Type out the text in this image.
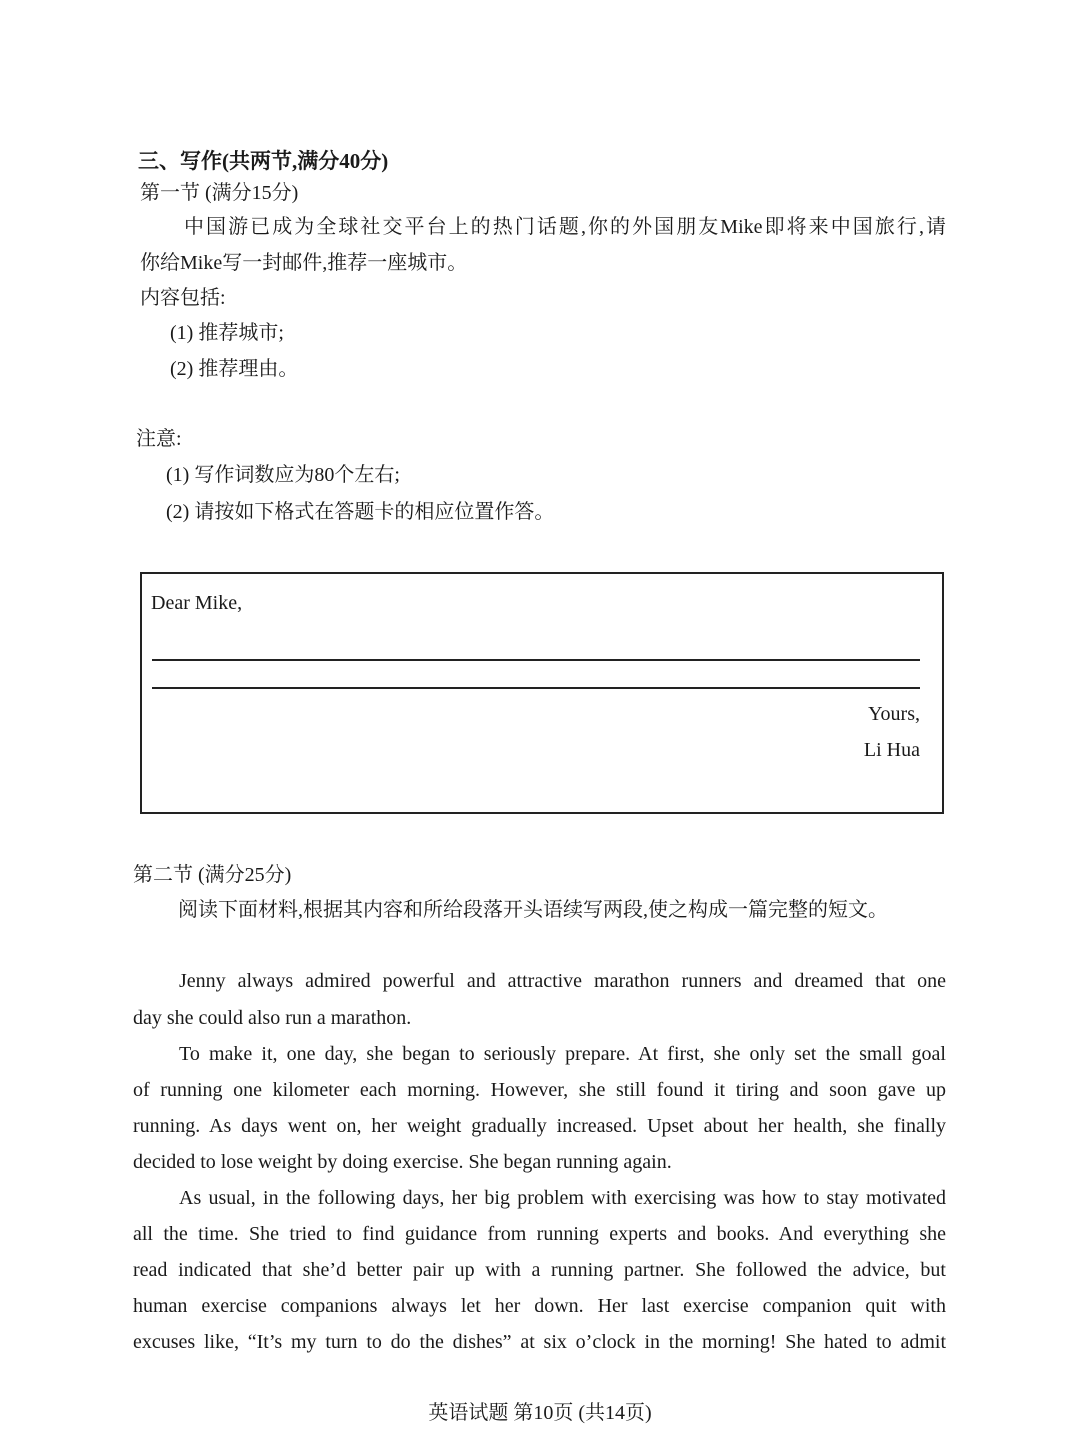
三、写作(共两节,满分40分)
第一节 (满分15分)
中国游已成为全球社交平台上的热门话题,你的外国朋友Mike即将来中国旅行,请
你给Mike写一封邮件,推荐一座城市。
内容包括:
(1) 推荐城市;
(2) 推荐理由。
注意:
(1) 写作词数应为80个左右;
(2) 请按如下格式在答题卡的相应位置作答。
Dear Mike,
Yours,
Li Hua
第二节 (满分25分)
阅读下面材料,根据其内容和所给段落开头语续写两段,使之构成一篇完整的短文。
Jenny always admired powerful and attractive marathon runners and dreamed that one
day she could also run a marathon.
To make it, one day, she began to seriously prepare. At first, she only set the small goal
of running one kilometer each morning. However, she still found it tiring and soon gave up
running. As days went on, her weight gradually increased. Upset about her health, she finally
decided to lose weight by doing exercise. She began running again.
As usual, in the following days, her big problem with exercising was how to stay motivated
all the time. She tried to find guidance from running experts and books. And everything she
read indicated that she’d better pair up with a running partner. She followed the advice, but
human exercise companions always let her down. Her last exercise companion quit with
excuses like, “It’s my turn to do the dishes” at six o’clock in the morning! She hated to admit
英语试题 第10页 (共14页)
